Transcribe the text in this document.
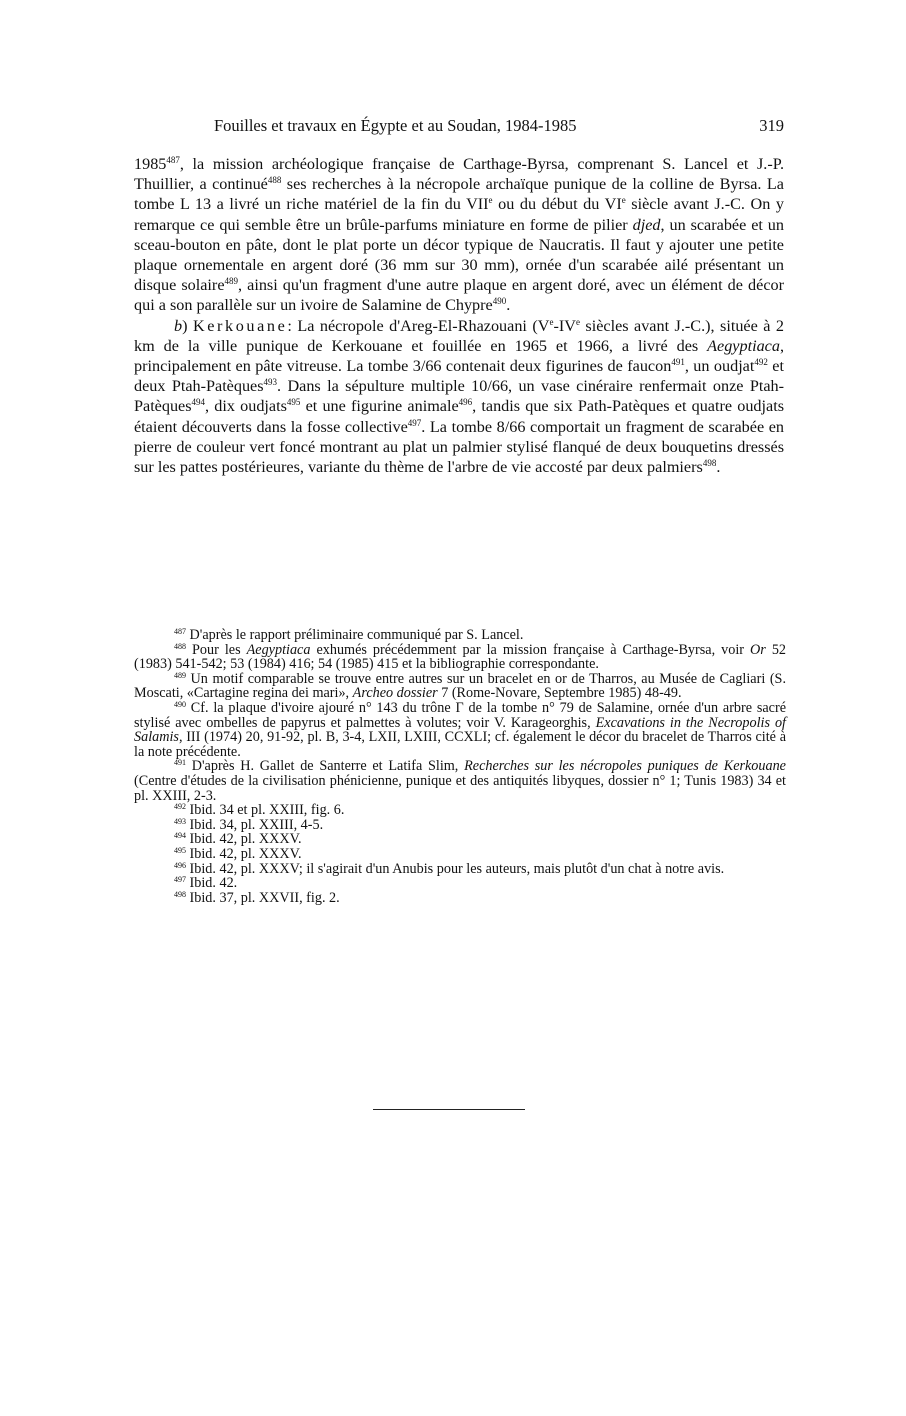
Fouilles et travaux en Égypte et au Soudan, 1984-1985	319

1985$^{487}$, la mission archéologique française de Carthage-Byrsa, comprenant S. Lancel et J.-P. Thuillier, a continué$^{488}$ ses recherches à la nécropole archaïque punique de la colline de Byrsa. La tombe L 13 a livré un riche matériel de la fin du VIIe ou du début du VIe siècle avant J.-C. On y remarque ce qui semble être un brûle-parfums miniature en forme de pilier djed, un scarabée et un sceau-bouton en pâte, dont le plat porte un décor typique de Naucratis. Il faut y ajouter une petite plaque ornementale en argent doré (36 mm sur 30 mm), ornée d'un scarabée ailé présentant un disque solaire$^{489}$, ainsi qu'un fragment d'une autre plaque en argent doré, avec un élément de décor qui a son parallèle sur un ivoire de Salamine de Chypre$^{490}$.

b) Kerkouane: La nécropole d'Areg-El-Rhazouani (Ve-IVe siècles avant J.-C.), située à 2 km de la ville punique de Kerkouane et fouillée en 1965 et 1966, a livré des Aegyptiaca, principalement en pâte vitreuse. La tombe 3/66 contenait deux figurines de faucon$^{491}$, un oudjat$^{492}$ et deux Ptah-Patèques$^{493}$. Dans la sépulture multiple 10/66, un vase cinéraire renfermait onze Ptah-Patèques$^{494}$, dix oudjats$^{495}$ et une figurine animale$^{496}$, tandis que six Path-Patèques et quatre oudjats étaient découverts dans la fosse collective$^{497}$. La tombe 8/66 comportait un fragment de scarabée en pierre de couleur vert foncé montrant au plat un palmier stylisé flanqué de deux bouquetins dressés sur les pattes postérieures, variante du thème de l'arbre de vie accosté par deux palmiers$^{498}$.

$^{487}$ D'après le rapport préliminaire communiqué par S. Lancel.

$^{488}$ Pour les Aegyptiaca exhumés précédemment par la mission française à Carthage-Byrsa, voir Or 52 (1983) 541-542; 53 (1984) 416; 54 (1985) 415 et la bibliographie correspondante.

$^{489}$ Un motif comparable se trouve entre autres sur un bracelet en or de Tharros, au Musée de Cagliari (S. Moscati, «Cartagine regina dei mari», Archeo dossier 7 (Rome-Novare, Septembre 1985) 48-49.

$^{490}$ Cf. la plaque d'ivoire ajouré n° 143 du trône Γ de la tombe n° 79 de Salamine, ornée d'un arbre sacré stylisé avec ombelles de papyrus et palmettes à volutes; voir V. Karageorghis, Excavations in the Necropolis of Salamis, III (1974) 20, 91-92, pl. B, 3-4, LXII, LXIII, CCXLI; cf. également le décor du bracelet de Tharros cité à la note précédente.

$^{491}$ D'après H. Gallet de Santerre et Latifa Slim, Recherches sur les nécropoles puniques de Kerkouane (Centre d'études de la civilisation phénicienne, punique et des antiquités libyques, dossier n° 1; Tunis 1983) 34 et pl. XXIII, 2-3.

$^{492}$ Ibid. 34 et pl. XXIII, fig. 6.

$^{493}$ Ibid. 34, pl. XXIII, 4-5.

$^{494}$ Ibid. 42, pl. XXXV.

$^{495}$ Ibid. 42, pl. XXXV.

$^{496}$ Ibid. 42, pl. XXXV; il s'agirait d'un Anubis pour les auteurs, mais plutôt d'un chat à notre avis.

$^{497}$ Ibid. 42.

$^{498}$ Ibid. 37, pl. XXVII, fig. 2.
